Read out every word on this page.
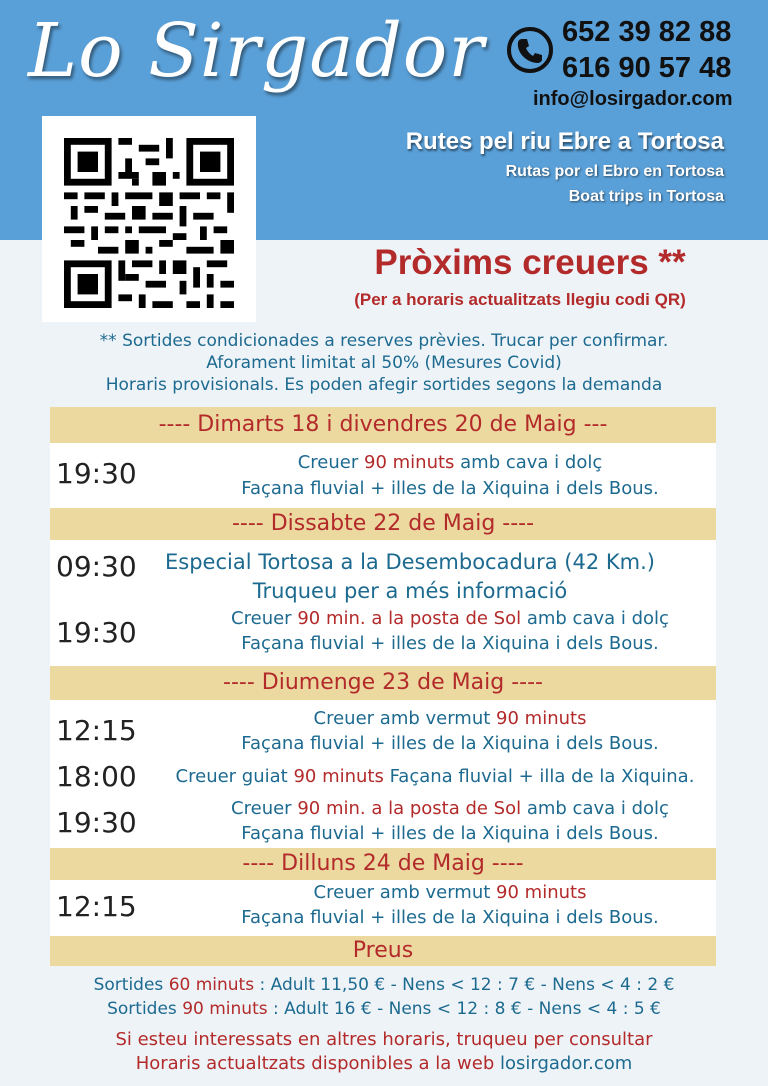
Lo Sirgador	652 39 82 88
616 90 57 48
info@losirgador.com
Rutes pel riu Ebre a Tortosa
Rutas por el Ebro en Tortosa
Boat trips in Tortosa
Pròxims creuers **
(Per a horaris actualitzats llegiu codi QR)
** Sortides condicionades a reserves prèvies. Trucar per confirmar.
Aforament limitat al 50% (Mesures Covid)
Horaris provisionals. Es poden afegir sortides segons la demanda
---- Dimarts 18 i divendres 20 de Maig ---
19:30	Creuer 90 minuts amb cava i dolç
Façana fluvial + illes de la Xiquina i dels Bous.
---- Dissabte 22 de Maig ----
09:30	Especial Tortosa a la Desembocadura (42 Km.)
Truqueu per a més informació
19:30	Creuer 90 min. a la posta de Sol amb cava i dolç
Façana fluvial + illes de la Xiquina i dels Bous.
---- Diumenge 23 de Maig ----
12:15	Creuer amb vermut 90 minuts
Façana fluvial + illes de la Xiquina i dels Bous.
18:00	Creuer guiat 90 minuts Façana fluvial + illa de la Xiquina.
19:30	Creuer 90 min. a la posta de Sol amb cava i dolç
Façana fluvial + illes de la Xiquina i dels Bous.
---- Dilluns 24 de Maig ----
12:15	Creuer amb vermut 90 minuts
Façana fluvial + illes de la Xiquina i dels Bous.
Preus
Sortides 60 minuts : Adult 11,50 € - Nens < 12 : 7 € - Nens < 4 : 2 €
Sortides 90 minuts : Adult 16 € - Nens < 12 : 8 € - Nens < 4 : 5 €
Si esteu interessats en altres horaris, truqueu per consultar
Horaris actualtzats disponibles a la web losirgador.com
